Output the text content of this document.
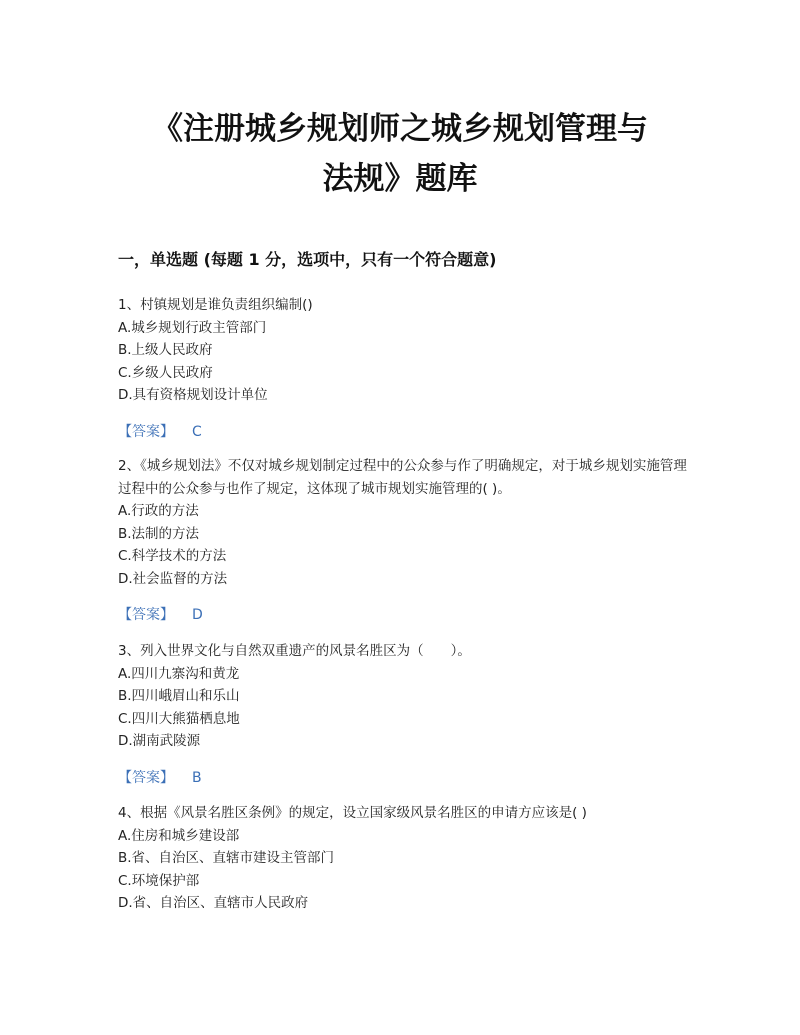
《注册城乡规划师之城乡规划管理与
法规》题库
一，单选题 (每题 1 分，选项中，只有一个符合题意)

1、村镇规划是谁负责组织编制()

A.城乡规划行政主管部门

B.上级人民政府

C.乡级人民政府

D.具有资格规划设计单位

【答案】 C

2、《城乡规划法》不仅对城乡规划制定过程中的公众参与作了明确规定，对于城乡规划实施管理过程中的公众参与也作了规定，这体现了城市规划实施管理的( )。

A.行政的方法

B.法制的方法

C.科学技术的方法

D.社会监督的方法

【答案】 D

3、列入世界文化与自然双重遗产的风景名胜区为（　　）。

A.四川九寨沟和黄龙

B.四川峨眉山和乐山

C.四川大熊猫栖息地

D.湖南武陵源

【答案】 B

4、根据《风景名胜区条例》的规定，设立国家级风景名胜区的申请方应该是( )

A.住房和城乡建设部

B.省、自治区、直辖市建设主管部门

C.环境保护部

D.省、自治区、直辖市人民政府
